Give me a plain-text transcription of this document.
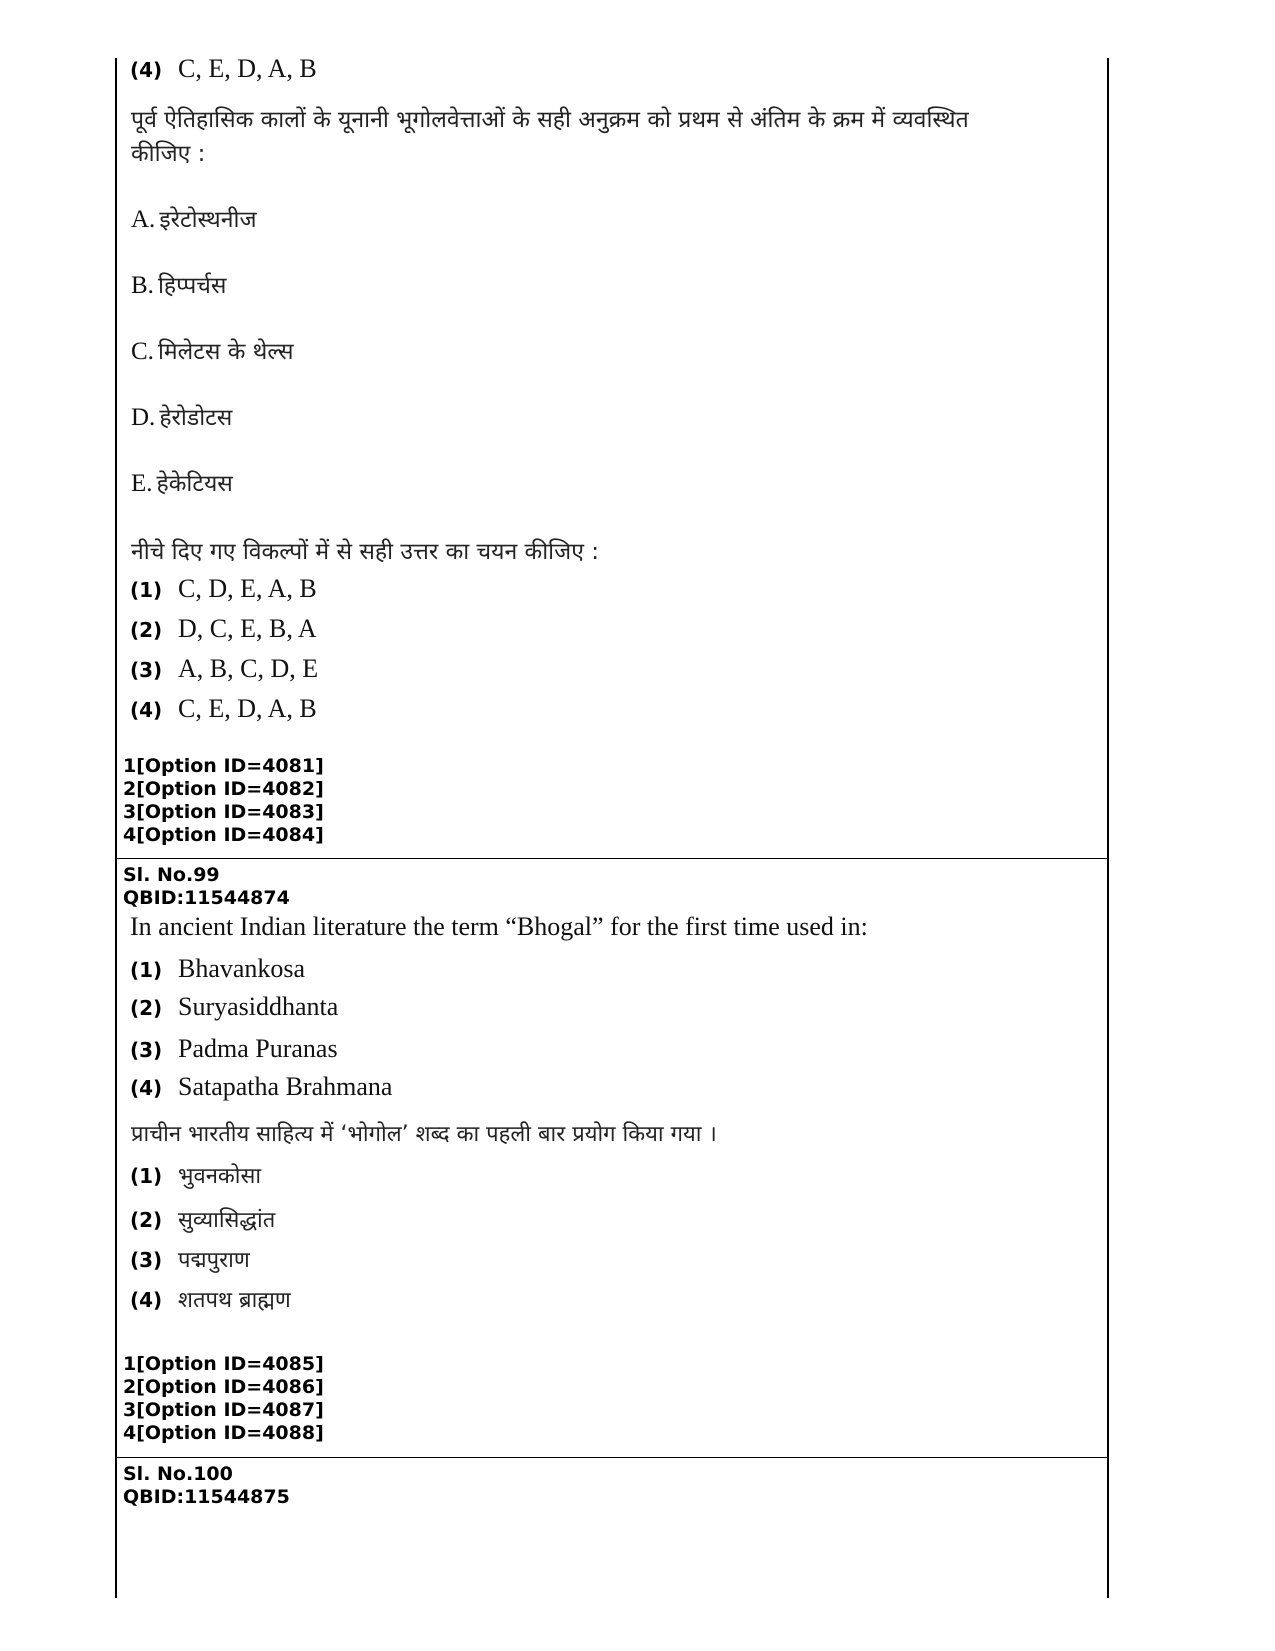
(4) C, E, D, A, B
पूर्व ऐतिहासिक कालों के यूनानी भूगोलवेत्ताओं के सही अनुक्रम को प्रथम से अंतिम के क्रम में व्यवस्थित
कीजिए :
A. इरेटोस्थनीज
B. हिप्पर्चस
C. मिलेटस के थेल्स
D. हेरोडोटस
E. हेकेटियस
नीचे दिए गए विकल्पों में से सही उत्तर का चयन कीजिए :
(1) C, D, E, A, B
(2) D, C, E, B, A
(3) A, B, C, D, E
(4) C, E, D, A, B
1[Option ID=4081]
2[Option ID=4082]
3[Option ID=4083]
4[Option ID=4084]
Sl. No.99
QBID:11544874
In ancient Indian literature the term “Bhogal” for the first time used in:
(1) Bhavankosa
(2) Suryasiddhanta
(3) Padma Puranas
(4) Satapatha Brahmana
प्राचीन भारतीय साहित्य में ‘भोगोल’ शब्द का पहली बार प्रयोग किया गया ।
(1) भुवनकोसा
(2) सुव्यासिद्धांत
(3) पद्मपुराण
(4) शतपथ ब्राह्मण
1[Option ID=4085]
2[Option ID=4086]
3[Option ID=4087]
4[Option ID=4088]
Sl. No.100
QBID:11544875
